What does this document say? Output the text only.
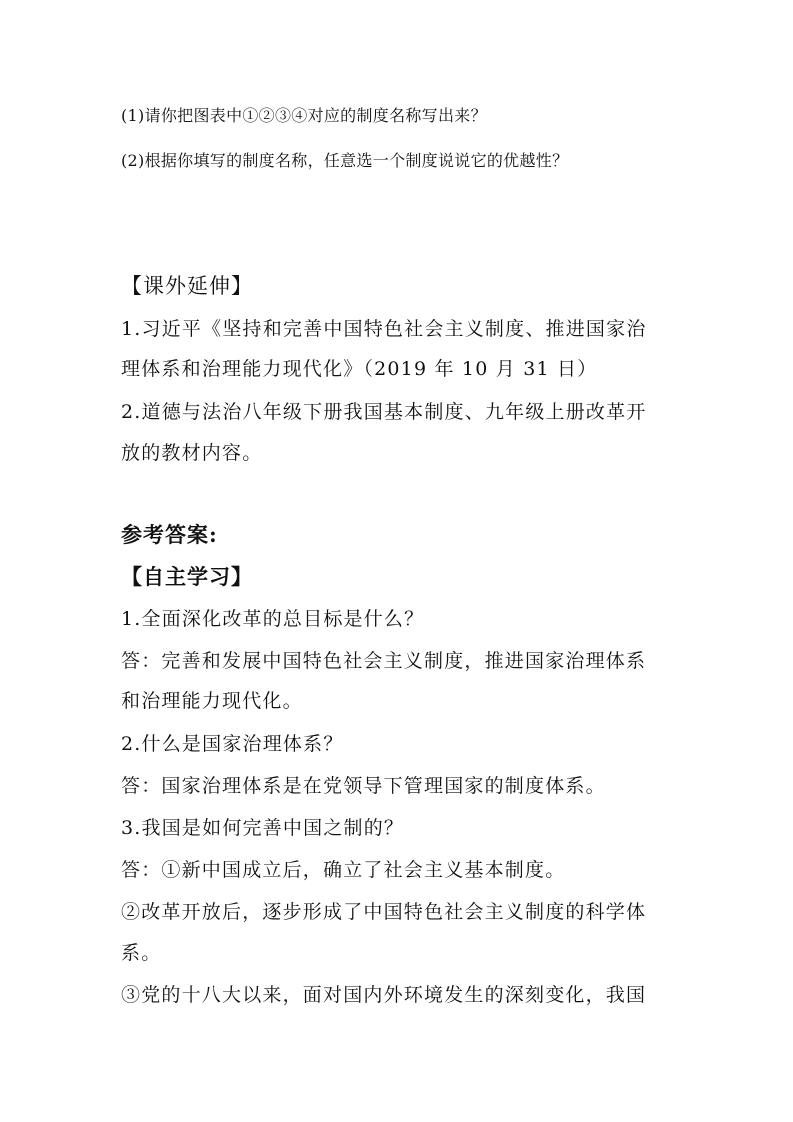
(1)请你把图表中①②③④对应的制度名称写出来？
(2)根据你填写的制度名称，任意选一个制度说说它的优越性？
【课外延伸】
1.习近平《坚持和完善中国特色社会主义制度、推进国家治
理体系和治理能力现代化》（2019 年 10 月 31 日）
2.道德与法治八年级下册我国基本制度、九年级上册改革开
放的教材内容。
参考答案:
【自主学习】
1.全面深化改革的总目标是什么？
答：完善和发展中国特色社会主义制度，推进国家治理体系
和治理能力现代化。
2.什么是国家治理体系？
答：国家治理体系是在党领导下管理国家的制度体系。
3.我国是如何完善中国之制的？
答：①新中国成立后，确立了社会主义基本制度。
②改革开放后，逐步形成了中国特色社会主义制度的科学体
系。
③党的十八大以来，面对国内外环境发生的深刻变化，我国
